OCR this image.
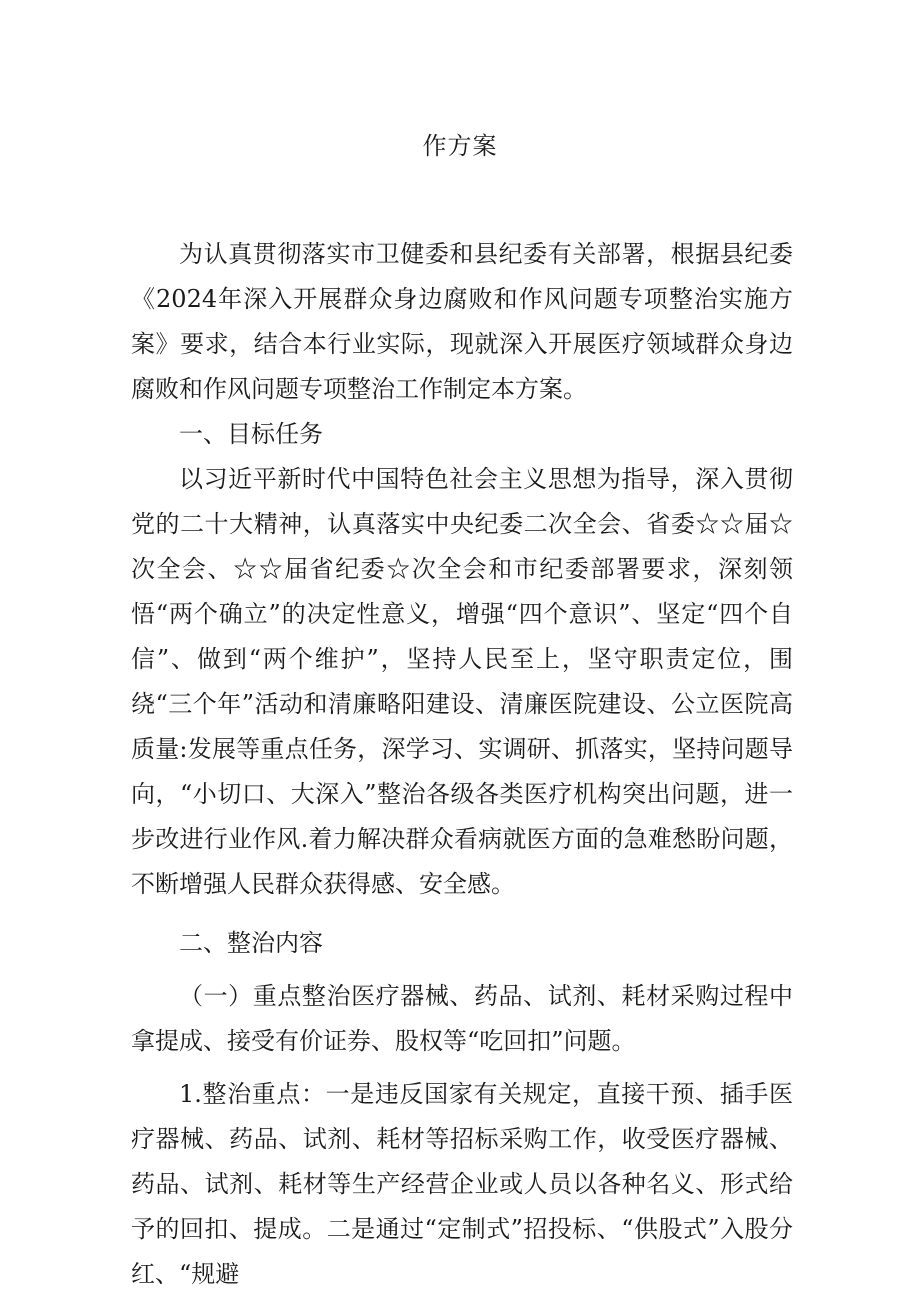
作方案

为认真贯彻落实市卫健委和县纪委有关部署，根据县纪委《2024年深入开展群众身边腐败和作风问题专项整治实施方案》要求，结合本行业实际，现就深入开展医疗领域群众身边腐败和作风问题专项整治工作制定本方案。

一、目标任务

以习近平新时代中国特色社会主义思想为指导，深入贯彻党的二十大精神，认真落实中央纪委二次全会、省委☆☆届☆次全会、☆☆届省纪委☆次全会和市纪委部署要求，深刻领悟“两个确立”的决定性意义，增强“四个意识”、坚定“四个自信”、做到“两个维护”，坚持人民至上，坚守职责定位，围绕“三个年”活动和清廉略阳建设、清廉医院建设、公立医院高质量:发展等重点任务，深学习、实调研、抓落实，坚持问题导向，“小切口、大深入”整治各级各类医疗机构突出问题，进一步改进行业作风.着力解决群众看病就医方面的急难愁盼问题，不断增强人民群众获得感、安全感。

二、整治内容

（一）重点整治医疗器械、药品、试剂、耗材采购过程中拿提成、接受有价证券、股权等“吃回扣”问题。

1.整治重点：一是违反国家有关规定，直接干预、插手医疗器械、药品、试剂、耗材等招标采购工作，收受医疗器械、药品、试剂、耗材等生产经营企业或人员以各种名义、形式给予的回扣、提成。二是通过“定制式”招投标、“供股式”入股分红、“规避
